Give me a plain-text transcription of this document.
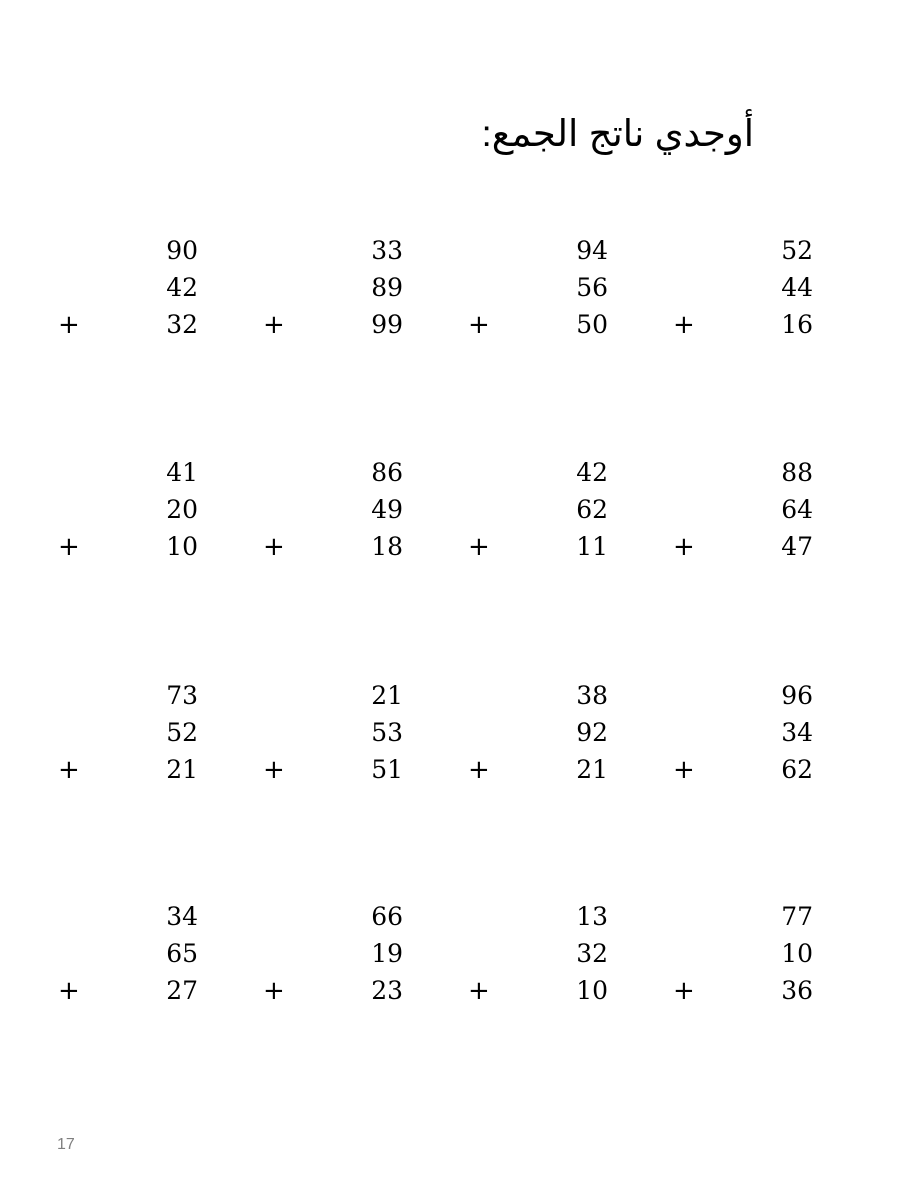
أوجدي ناتج الجمع:
90
42
32
+
33
89
99
+
94
56
50
+
52
44
16
+
41
20
10
+
86
49
18
+
42
62
11
+
88
64
47
+
73
52
21
+
21
53
51
+
38
92
21
+
96
34
62
+
34
65
27
+
66
19
23
+
13
32
10
+
77
10
36
+
17
